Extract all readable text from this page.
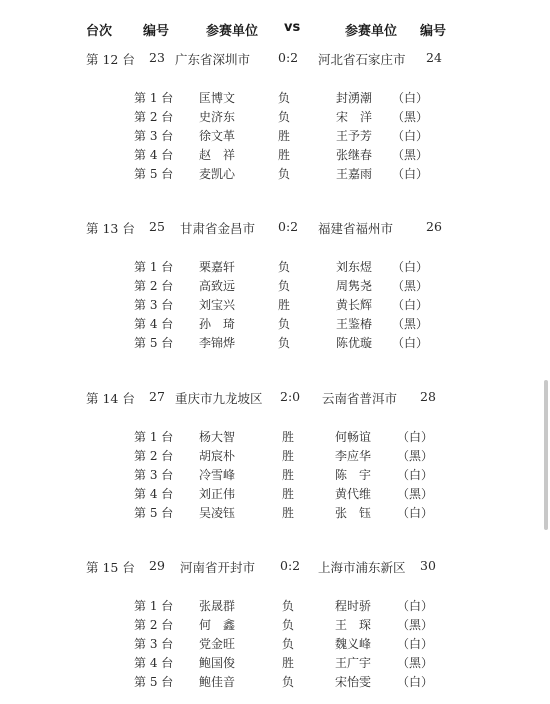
台次 编号	参赛单位 vs	参赛单位 编号
第 12 台 23 广东省深圳市 0:2 河北省石家庄市 24
第 1 台 匡博文	负	封湧潮 （白）
第 2 台 史济东	负	宋　洋 （黑）
第 3 台 徐文革	胜	王予芳 （白）
第 4 台 赵　祥	胜	张继春 （黑）
第 5 台 麦凯心	负	王嘉雨 （白）
第 13 台 25 甘肃省金昌市 0:2 福建省福州市	26
第 1 台 栗嘉轩	负	刘东煜 （白）
第 2 台 高致远	负	周隽尧 （黑）
第 3 台 刘宝兴	胜	黄长辉 （白）
第 4 台 孙　琦	负	王鉴椿 （黑）
第 5 台 李锦烨	负	陈优璇 （白）
第 14 台 27 重庆市九龙坡区 2:0 云南省普洱市 28
第 1 台 杨大智	胜	何畅谊 （白）
第 2 台 胡宸朴	胜	李应华 （黑）
第 3 台 冷雪峰	胜	陈　宇 （白）
第 4 台 刘正伟	胜	黄代维 （黑）
第 5 台 吴凌钰	胜	张　钰 （白）
第 15 台 29 河南省开封市 0:2 上海市浦东新区 30
第 1 台 张晟群	负	程时骄 （白）
第 2 台 何　鑫	负	王　琛 （黑）
第 3 台 党金旺	负	魏义峰 （白）
第 4 台 鲍国俊	胜	王广宇 （黑）
第 5 台 鲍佳音	负	宋怡雯 （白）
